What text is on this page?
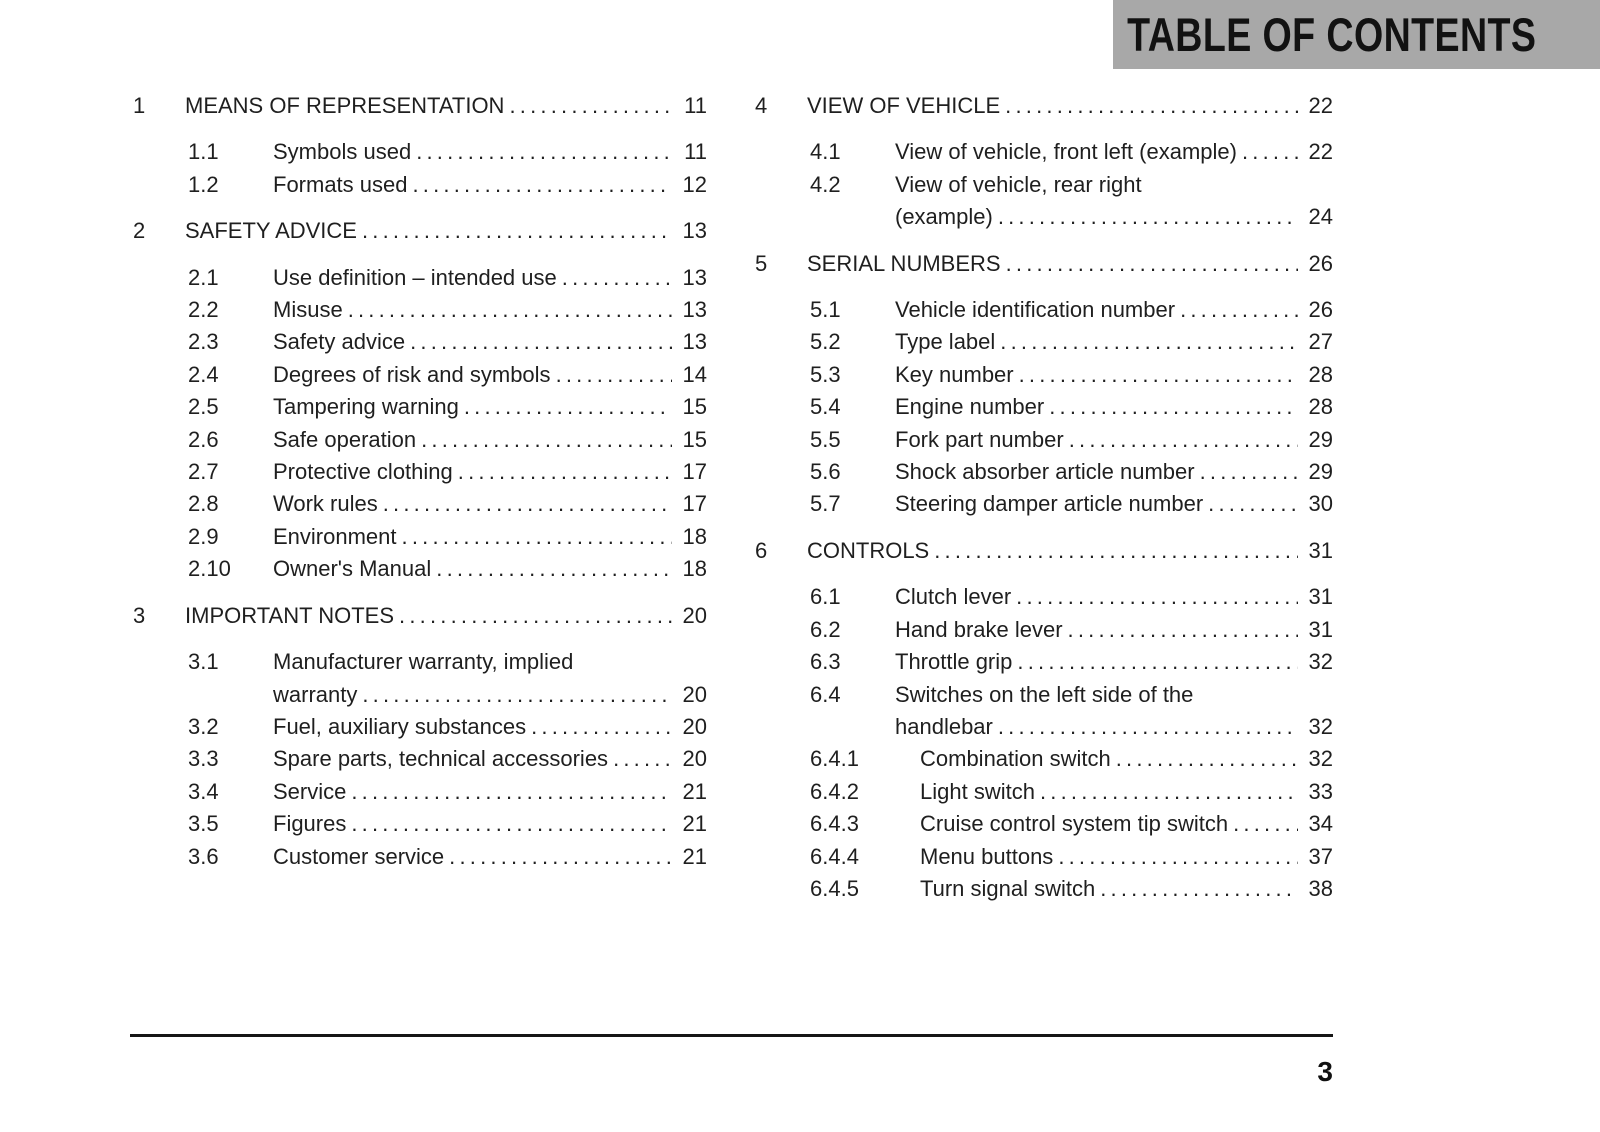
TABLE OF CONTENTS
1	MEANS OF REPRESENTATION .....	11
1.1	Symbols used .....	11
1.2	Formats used .....	12
2	SAFETY ADVICE .....	13
2.1	Use definition – intended use .....	13
2.2	Misuse .....	13
2.3	Safety advice .....	13
2.4	Degrees of risk and symbols .....	14
2.5	Tampering warning .....	15
2.6	Safe operation .....	15
2.7	Protective clothing .....	17
2.8	Work rules .....	17
2.9	Environment .....	18
2.10	Owner's Manual .....	18
3	IMPORTANT NOTES .....	20
3.1	Manufacturer warranty, implied
warranty .....	20
3.2	Fuel, auxiliary substances .....	20
3.3	Spare parts, technical accessories .....	20
3.4	Service .....	21
3.5	Figures .....	21
3.6	Customer service .....	21
4	VIEW OF VEHICLE .....	22
4.1	View of vehicle, front left (example) .....	22
4.2	View of vehicle, rear right
(example) .....	24
5	SERIAL NUMBERS .....	26
5.1	Vehicle identification number .....	26
5.2	Type label .....	27
5.3	Key number .....	28
5.4	Engine number .....	28
5.5	Fork part number .....	29
5.6	Shock absorber article number .....	29
5.7	Steering damper article number .....	30
6	CONTROLS .....	31
6.1	Clutch lever .....	31
6.2	Hand brake lever .....	31
6.3	Throttle grip .....	32
6.4	Switches on the left side of the
handlebar .....	32
6.4.1	Combination switch .....	32
6.4.2	Light switch .....	33
6.4.3	Cruise control system tip switch .....	34
6.4.4	Menu buttons .....	37
6.4.5	Turn signal switch .....	38
3
